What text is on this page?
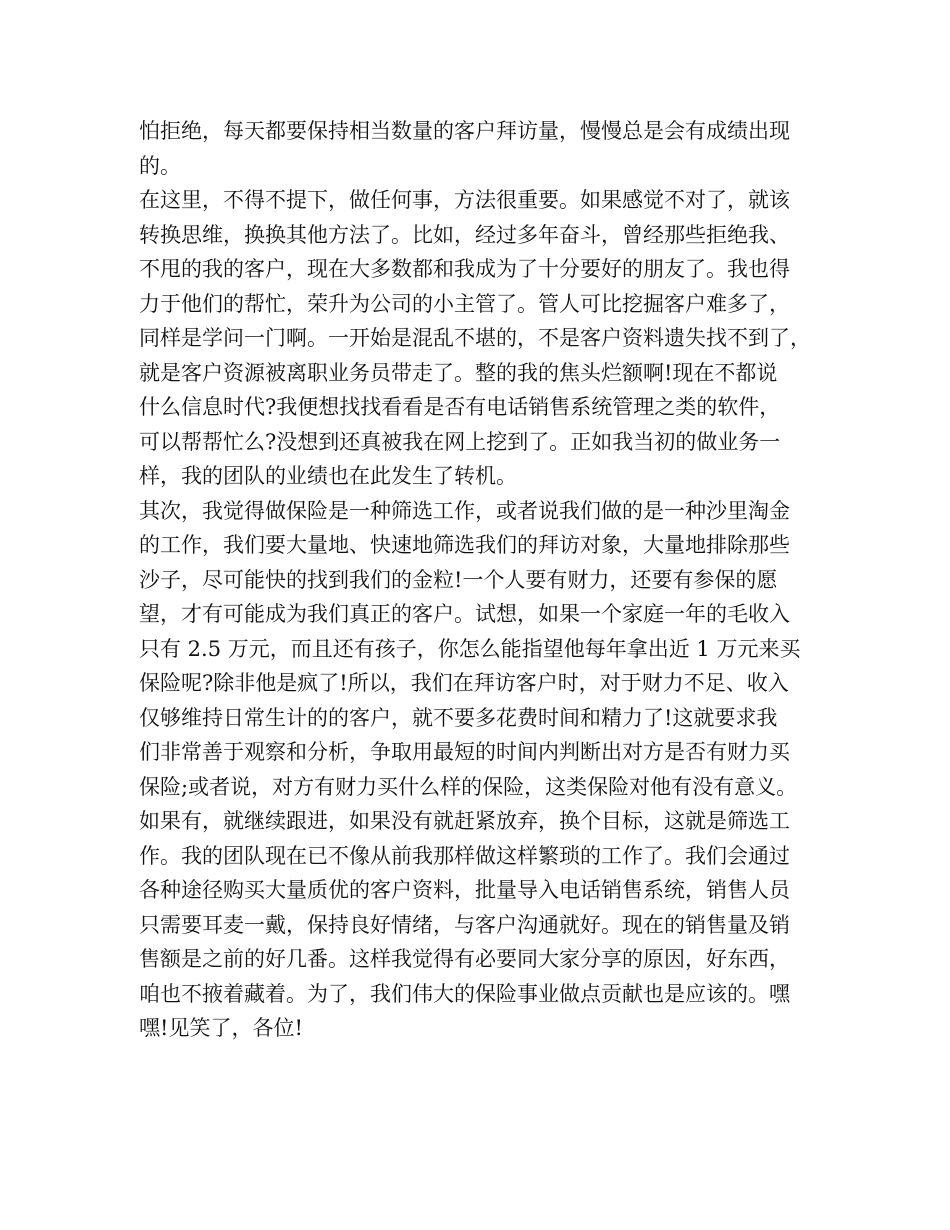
怕拒绝，每天都要保持相当数量的客户拜访量，慢慢总是会有成绩出现
的。
在这里，不得不提下，做任何事，方法很重要。如果感觉不对了，就该
转换思维，换换其他方法了。比如，经过多年奋斗，曾经那些拒绝我、
不甩的我的客户，现在大多数都和我成为了十分要好的朋友了。我也得
力于他们的帮忙，荣升为公司的小主管了。管人可比挖掘客户难多了，
同样是学问一门啊。一开始是混乱不堪的，不是客户资料遗失找不到了，
就是客户资源被离职业务员带走了。整的我的焦头烂额啊!现在不都说
什么信息时代?我便想找找看看是否有电话销售系统管理之类的软件，
可以帮帮忙么?没想到还真被我在网上挖到了。正如我当初的做业务一
样，我的团队的业绩也在此发生了转机。
其次，我觉得做保险是一种筛选工作，或者说我们做的是一种沙里淘金
的工作，我们要大量地、快速地筛选我们的拜访对象，大量地排除那些
沙子，尽可能快的找到我们的金粒!一个人要有财力，还要有参保的愿
望，才有可能成为我们真正的客户。试想，如果一个家庭一年的毛收入
只有 2.5 万元，而且还有孩子，你怎么能指望他每年拿出近 1 万元来买
保险呢?除非他是疯了!所以，我们在拜访客户时，对于财力不足、收入
仅够维持日常生计的的客户，就不要多花费时间和精力了!这就要求我
们非常善于观察和分析，争取用最短的时间内判断出对方是否有财力买
保险;或者说，对方有财力买什么样的保险，这类保险对他有没有意义。
如果有，就继续跟进，如果没有就赶紧放弃，换个目标，这就是筛选工
作。我的团队现在已不像从前我那样做这样繁琐的工作了。我们会通过
各种途径购买大量质优的客户资料，批量导入电话销售系统，销售人员
只需要耳麦一戴，保持良好情绪，与客户沟通就好。现在的销售量及销
售额是之前的好几番。这样我觉得有必要同大家分享的原因，好东西，
咱也不掖着藏着。为了，我们伟大的保险事业做点贡献也是应该的。嘿
嘿!见笑了，各位!
